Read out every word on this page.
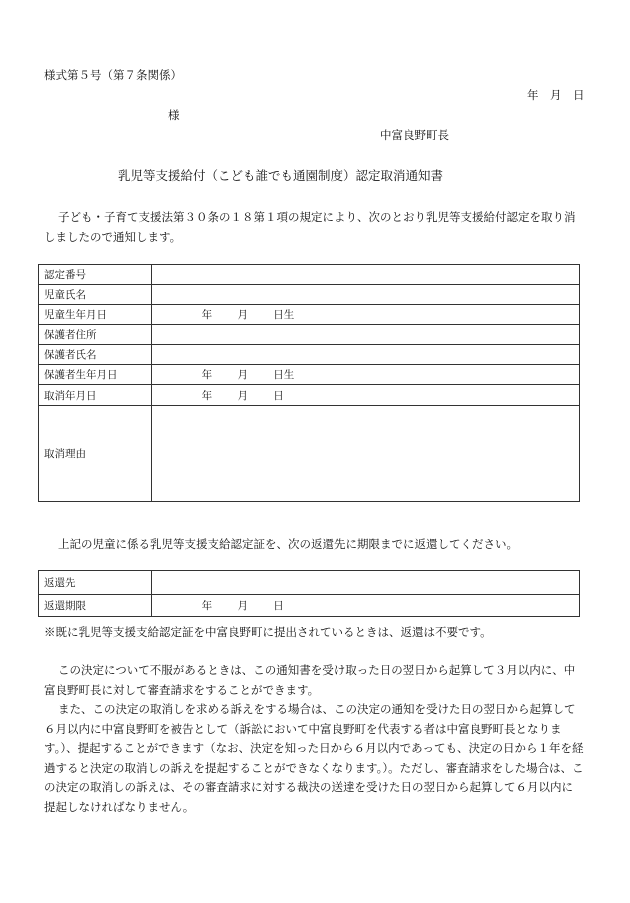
様式第５号（第７条関係）
年　月　日
様
中富良野町長
乳児等支援給付（こども誰でも通園制度）認定取消通知書
子ども・子育て支援法第３０条の１８第１項の規定により、次のとおり乳児等支援給付認定を取り消しましたので通知します。
認定番号	
児童氏名	
児童生年月日	年 月 日生
保護者住所	
保護者氏名	
保護者生年月日	年 月 日生
取消年月日	年 月 日
取消理由	
上記の児童に係る乳児等支援支給認定証を、次の返還先に期限までに返還してください。
返還先	
返還期限	年 月 日
※既に乳児等支援支給認定証を中富良野町に提出されているときは、返還は不要です。
この決定について不服があるときは、この通知書を受け取った日の翌日から起算して３月以内に、中富良野町長に対して審査請求をすることができます。
また、この決定の取消しを求める訴えをする場合は、この決定の通知を受けた日の翌日から起算して６月以内に中富良野町を被告として（訴訟において中富良野町を代表する者は中富良野町長となります。）、提起することができます（なお、決定を知った日から６月以内であっても、決定の日から１年を経過すると決定の取消しの訴えを提起することができなくなります。）。ただし、審査請求をした場合は、この決定の取消しの訴えは、その審査請求に対する裁決の送達を受けた日の翌日から起算して６月以内に提起しなければなりません。
